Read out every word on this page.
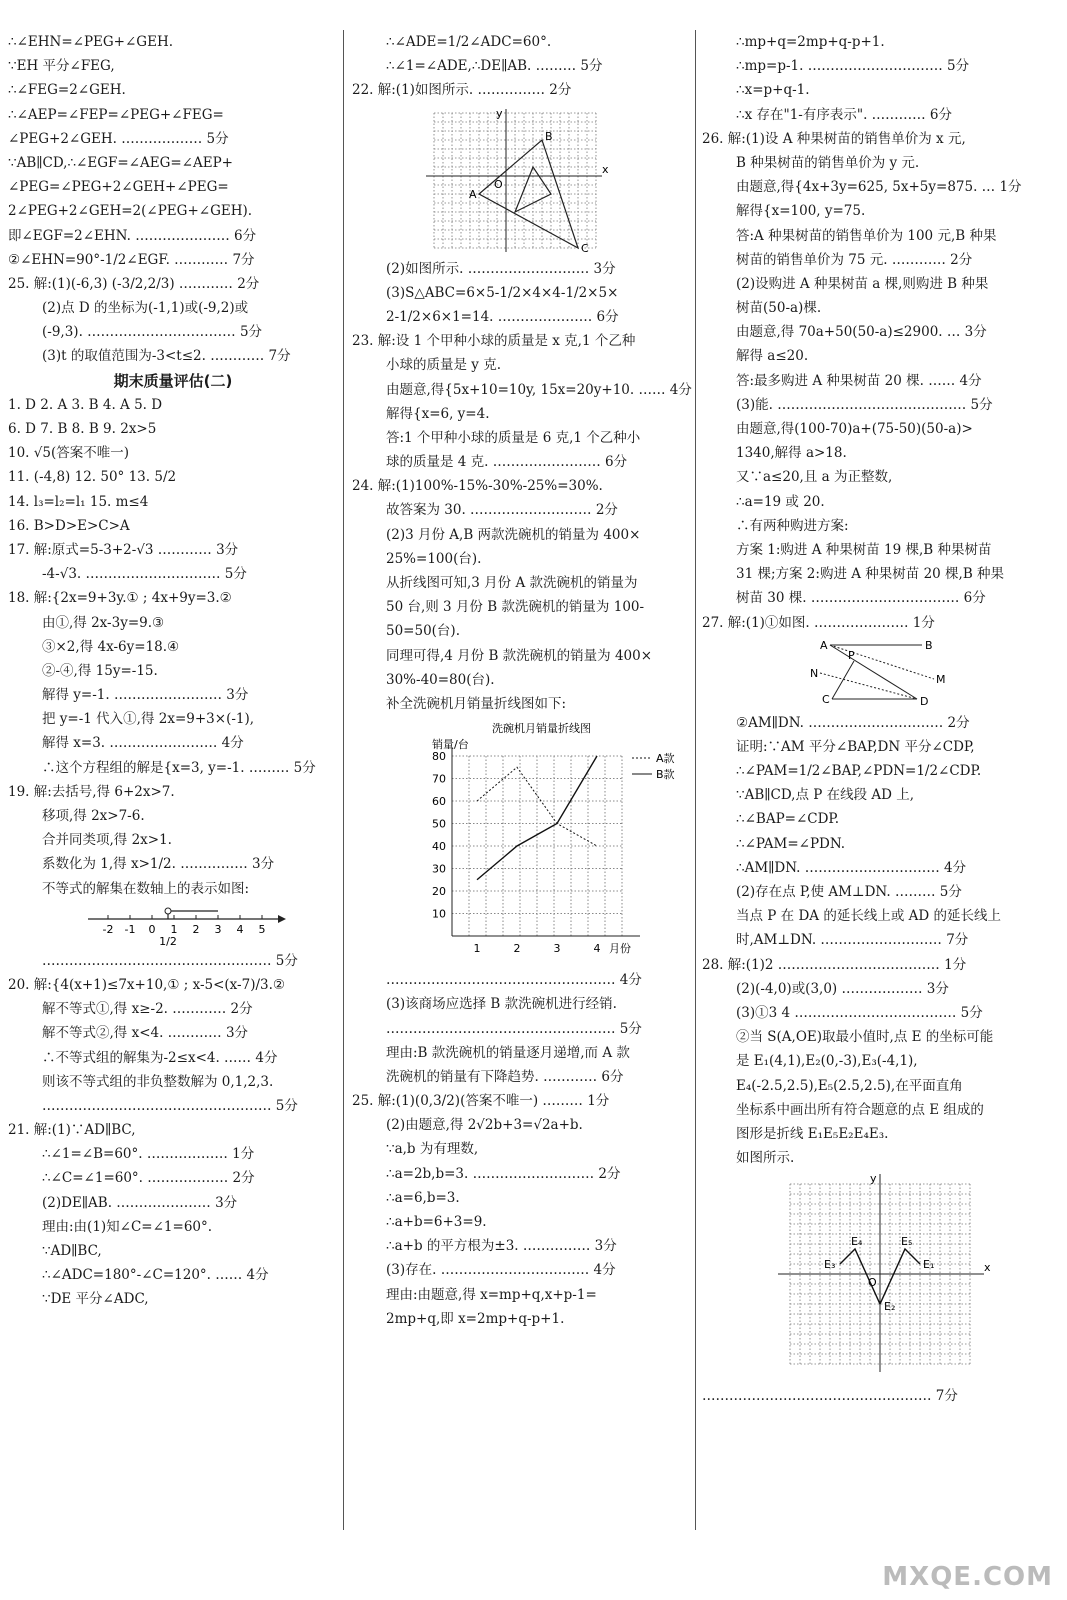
∴∠EHN=∠PEG+∠GEH.
∵EH 平分∠FEG,
∴∠FEG=2∠GEH.
∴∠AEP=∠FEP=∠PEG+∠FEG=
∠PEG+2∠GEH. ……………… 5分
∵AB∥CD,∴∠EGF=∠AEG=∠AEP+
∠PEG=∠PEG+2∠GEH+∠PEG=
2∠PEG+2∠GEH=2(∠PEG+∠GEH).
即∠EGF=2∠EHN. ………………… 6分
②∠EHN=90°-1/2∠EGF. ………… 7分
25. 解:(1)(-6,3) (-3/2,2/3) ………… 2分
(2)点 D 的坐标为(-1,1)或(-9,2)或
(-9,3). …………………………… 5分
(3)t 的取值范围为-3<t≤2. ………… 7分
期末质量评估(二)
1. D 2. A 3. B 4. A 5. D
6. D 7. B 8. B 9. 2x>5
10. √5(答案不唯一)
11. (-4,8) 12. 50° 13. 5/2
14. l₃=l₂=l₁ 15. m≤4
16. B>D>E>C>A
17. 解:原式=5-3+2-√3 ………… 3分
-4-√3. ………………………… 5分
18. 解:{2x=9+3y.① ; 4x+9y=3.②
由①,得 2x-3y=9.③
③×2,得 4x-6y=18.④
②-④,得 15y=-15.
解得 y=-1. …………………… 3分
把 y=-1 代入①,得 2x=9+3×(-1),
解得 x=3. …………………… 4分
∴这个方程组的解是{x=3, y=-1. ……… 5分
19. 解:去括号,得 6+2x>7.
移项,得 2x>7-6.
合并同类项,得 2x>1.
系数化为 1,得 x>1/2. …………… 3分
不等式的解集在数轴上的表示如图:
-2 -1 0 1 2 3 4 5
1/2
…………………………………………… 5分
20. 解:{4(x+1)≤7x+10,① ; x-5<(x-7)/3.②
解不等式①,得 x≥-2. ………… 2分
解不等式②,得 x<4. ………… 3分
∴不等式组的解集为-2≤x<4. …… 4分
则该不等式组的非负整数解为 0,1,2,3.
…………………………………………… 5分
21. 解:(1)∵AD∥BC,
∴∠1=∠B=60°. ……………… 1分
∴∠C=∠1=60°. ……………… 2分
(2)DE∥AB. ………………… 3分
理由:由(1)知∠C=∠1=60°.
∵AD∥BC,
∴∠ADC=180°-∠C=120°. …… 4分
∵DE 平分∠ADC,
∴∠ADE=1/2∠ADC=60°.
∴∠1=∠ADE,∴DE∥AB. ……… 5分
22. 解:(1)如图所示. …………… 2分
y
x
O
A
B
C
(2)如图所示. ……………………… 3分
(3)S△ABC=6×5-1/2×4×4-1/2×5×
2-1/2×6×1=14. ………………… 6分
23. 解:设 1 个甲种小球的质量是 x 克,1 个乙种
小球的质量是 y 克.
由题意,得{5x+10=10y, 15x=20y+10. …… 4分
解得{x=6, y=4.
答:1 个甲种小球的质量是 6 克,1 个乙种小
球的质量是 4 克. …………………… 6分
24. 解:(1)100%-15%-30%-25%=30%.
故答案为 30. ……………………… 2分
(2)3 月份 A,B 两款洗碗机的销量为 400×
25%=100(台).
从折线图可知,3 月份 A 款洗碗机的销量为
50 台,则 3 月份 B 款洗碗机的销量为 100-
50=50(台).
同理可得,4 月份 B 款洗碗机的销量为 400×
30%-40=80(台).
补全洗碗机月销量折线图如下:
洗碗机月销量折线图
销量/台
10
20
30
40
50
60
70
80
1	2	3	4 月份
A款
B款
…………………………………………… 4分
(3)该商场应选择 B 款洗碗机进行经销.
…………………………………………… 5分
理由:B 款洗碗机的销量逐月递增,而 A 款
洗碗机的销量有下降趋势. ………… 6分
25. 解:(1)(0,3/2)(答案不唯一) ……… 1分
(2)由题意,得 2√2b+3=√2a+b.
∵a,b 为有理数,
∴a=2b,b=3. ……………………… 2分
∴a=6,b=3.
∴a+b=6+3=9.
∴a+b 的平方根为±3. …………… 3分
(3)存在. …………………………… 4分
理由:由题意,得 x=mp+q,x+p-1=
2mp+q,即 x=2mp+q-p+1.
∴mp+q=2mp+q-p+1.
∴mp=p-1. ………………………… 5分
∴x=p+q-1.
∴x 存在"1-有序表示". ………… 6分
26. 解:(1)设 A 种果树苗的销售单价为 x 元,
B 种果树苗的销售单价为 y 元.
由题意,得{4x+3y=625, 5x+5y=875. … 1分
解得{x=100, y=75.
答:A 种果树苗的销售单价为 100 元,B 种果
树苗的销售单价为 75 元. ………… 2分
(2)设购进 A 种果树苗 a 棵,则购进 B 种果
树苗(50-a)棵.
由题意,得 70a+50(50-a)≤2900. … 3分
解得 a≤20.
答:最多购进 A 种果树苗 20 棵. …… 4分
(3)能. …………………………………… 5分
由题意,得(100-70)a+(75-50)(50-a)>
1340,解得 a>18.
又∵a≤20,且 a 为正整数,
∴a=19 或 20.
∴有两种购进方案:
方案 1:购进 A 种果树苗 19 棵,B 种果树苗
31 棵;方案 2:购进 A 种果树苗 20 棵,B 种果
树苗 30 棵. …………………………… 6分
27. 解:(1)①如图. ………………… 1分
A	B
P
N	M
C	D
②AM∥DN. ………………………… 2分
证明:∵AM 平分∠BAP,DN 平分∠CDP,
∴∠PAM=1/2∠BAP,∠PDN=1/2∠CDP.
∵AB∥CD,点 P 在线段 AD 上,
∴∠BAP=∠CDP.
∴∠PAM=∠PDN.
∴AM∥DN. ………………………… 4分
(2)存在点 P,使 AM⊥DN. ……… 5分
当点 P 在 DA 的延长线上或 AD 的延长线上
时,AM⊥DN. ……………………… 7分
28. 解:(1)2 ……………………………… 1分
(2)(-4,0)或(3,0) ……………… 3分
(3)①3 4 ……………………………… 5分
②当 S(A,OE)取最小值时,点 E 的坐标可能
是 E₁(4,1),E₂(0,-3),E₃(-4,1),
E₄(-2.5,2.5),E₅(2.5,2.5),在平面直角
坐标系中画出所有符合题意的点 E 组成的
图形是折线 E₁E₅E₂E₄E₃.
如图所示.
y
x
O
E₁
E₂
E₃
E₄	E₅
…………………………………………… 7分
MXQE.COM
